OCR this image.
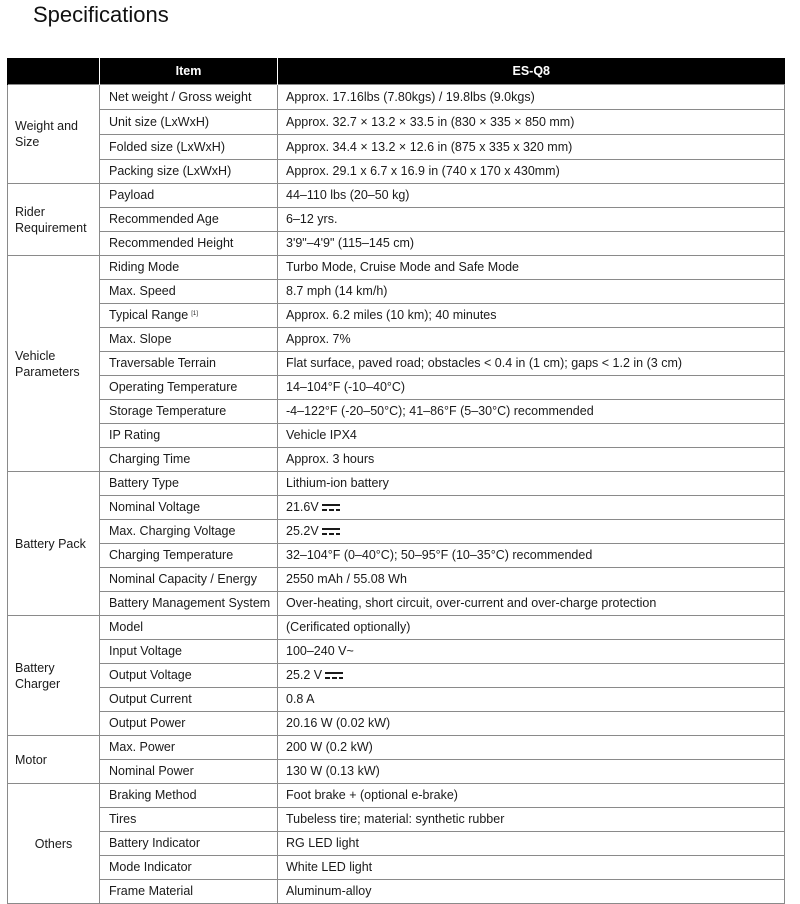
Specifications
	Item	ES-Q8
Weight and Size	Net weight / Gross weight	Approx. 17.16lbs (7.80kgs) / 19.8lbs (9.0kgs)
	Unit size (LxWxH)	Approx. 32.7 × 13.2 × 33.5 in (830 × 335 × 850 mm)
	Folded size (LxWxH)	Approx. 34.4 × 13.2 × 12.6 in (875 x 335 x 320 mm)
	Packing size (LxWxH)	Approx. 29.1 x 6.7 x 16.9 in (740 x 170 x 430mm)
Rider Requirement	Payload	44–110 lbs (20–50 kg)
	Recommended Age	6–12 yrs.
	Recommended Height	3'9"–4'9" (115–145 cm)
Vehicle Parameters	Riding Mode	Turbo Mode, Cruise Mode and Safe Mode
	Max. Speed	8.7 mph (14 km/h)
	Typical Range [1]	Approx. 6.2 miles (10 km); 40 minutes
	Max. Slope	Approx. 7%
	Traversable Terrain	Flat surface, paved road; obstacles < 0.4 in (1 cm); gaps < 1.2 in (3 cm)
	Operating Temperature	14–104°F (-10–40°C)
	Storage Temperature	-4–122°F (-20–50°C); 41–86°F (5–30°C) recommended
	IP Rating	Vehicle IPX4
	Charging Time	Approx. 3 hours
Battery Pack	Battery Type	Lithium-ion battery
	Nominal Voltage	21.6V
	Max. Charging Voltage	25.2V
	Charging Temperature	32–104°F (0–40°C); 50–95°F (10–35°C) recommended
	Nominal Capacity / Energy	2550 mAh / 55.08 Wh
	Battery Management System	Over-heating, short circuit, over-current and over-charge protection
Battery Charger	Model	(Cerificated optionally)
	Input Voltage	100–240 V~
	Output Voltage	25.2 V
	Output Current	0.8 A
	Output Power	20.16 W (0.02 kW)
Motor	Max. Power	200 W (0.2 kW)
	Nominal Power	130 W (0.13 kW)
Others	Braking Method	Foot brake + (optional e-brake)
	Tires	Tubeless tire; material: synthetic rubber
	Battery Indicator	RG LED light
	Mode Indicator	White LED light
	Frame Material	Aluminum-alloy
